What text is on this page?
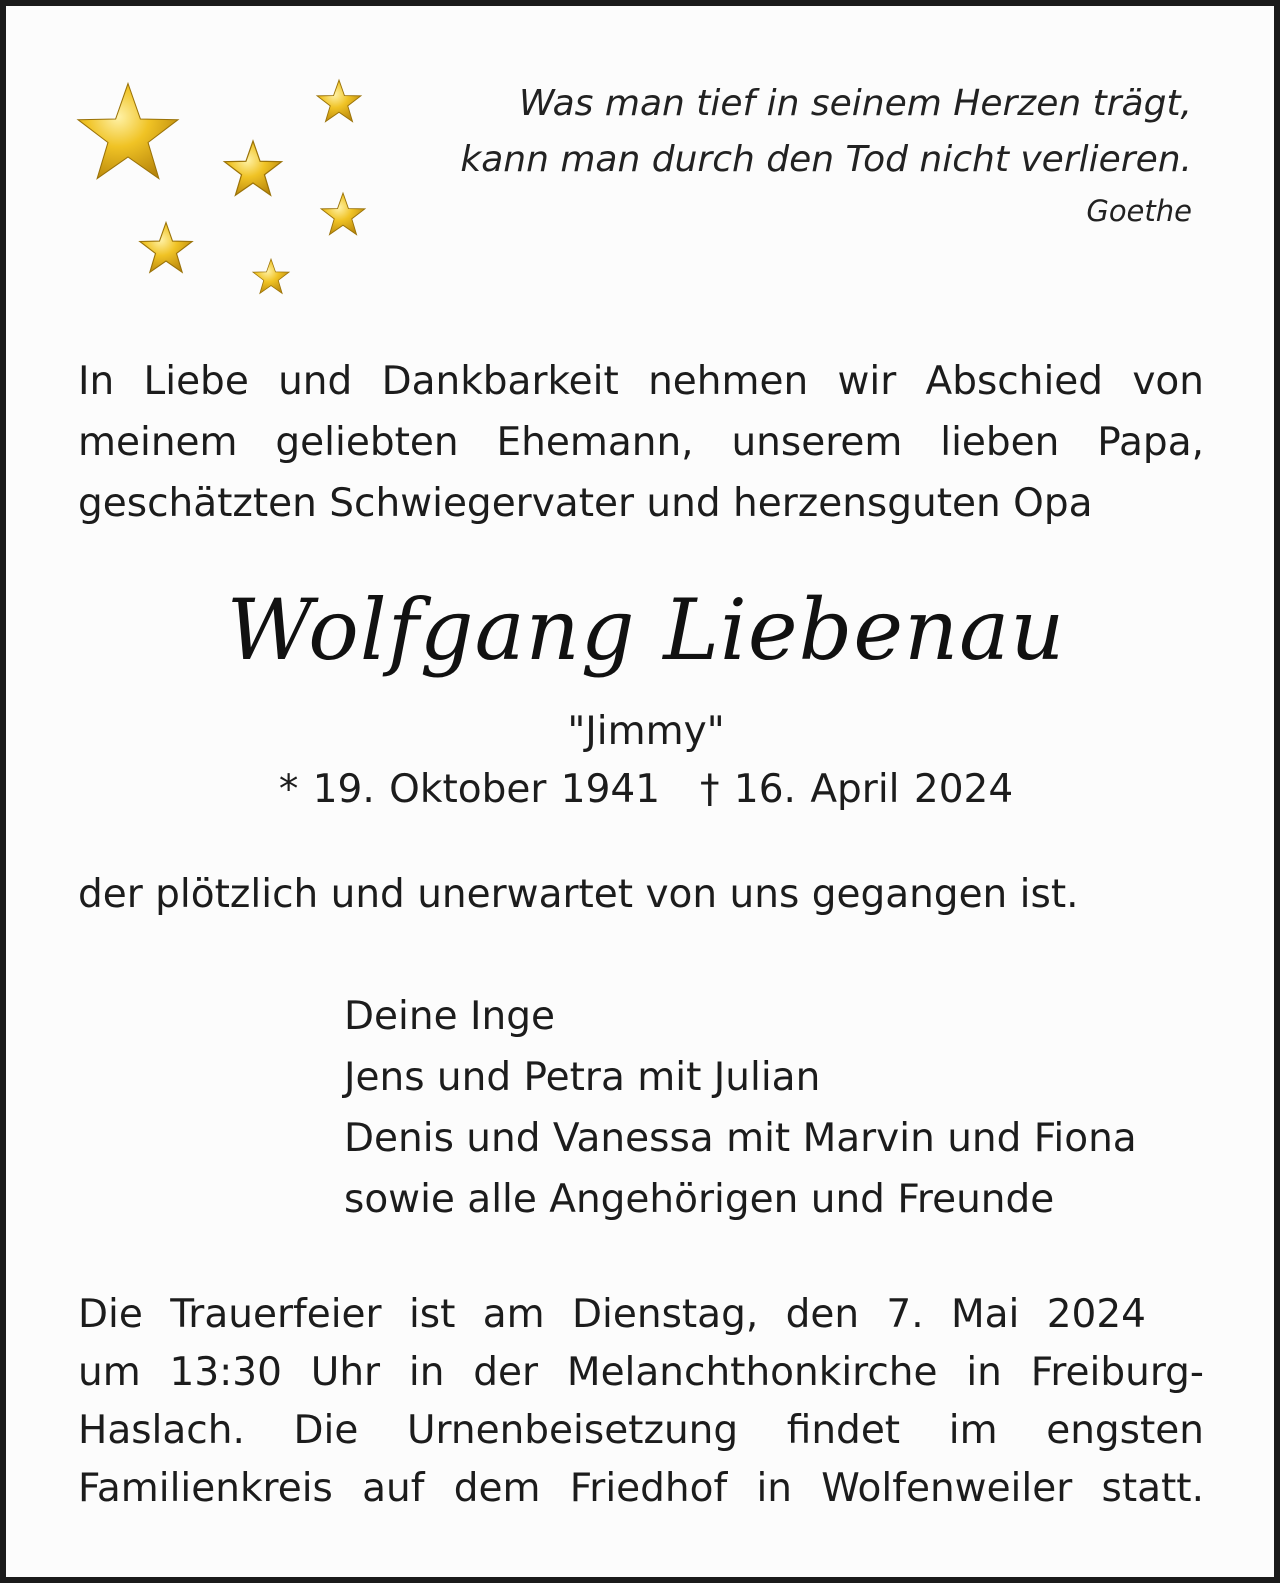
Was man tief in seinem Herzen trägt,
kann man durch den Tod nicht verlieren.
Goethe
In Liebe und Dankbarkeit nehmen wir Abschied von
meinem geliebten Ehemann, unserem lieben Papa,
geschätzten Schwiegervater und herzensguten Opa
Wolfgang Liebenau
"Jimmy"
* 19. Oktober 1941 † 16. April 2024
der plötzlich und unerwartet von uns gegangen ist.
Deine Inge
Jens und Petra mit Julian
Denis und Vanessa mit Marvin und Fiona
sowie alle Angehörigen und Freunde
Die Trauerfeier ist am Dienstag, den 7. Mai 2024
um 13:30 Uhr in der Melanchthonkirche in Freiburg-
Haslach. Die Urnenbeisetzung findet im engsten
Familienkreis auf dem Friedhof in Wolfenweiler statt.
